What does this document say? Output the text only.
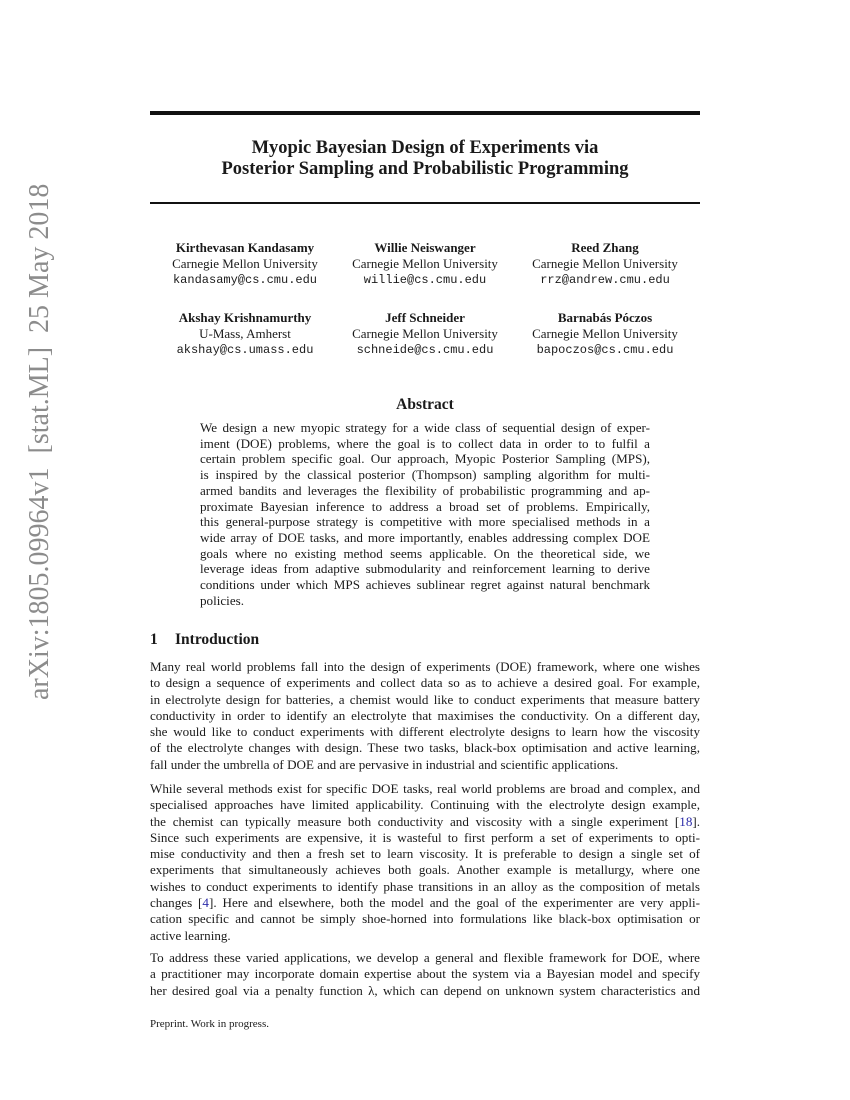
arXiv:1805.09964v1
[stat.ML]
25 May 2018
Myopic Bayesian Design of Experiments via
Posterior Sampling and Probabilistic Programming
Kirthevasan Kandasamy
Carnegie Mellon University
kandasamy@cs.cmu.edu
Willie Neiswanger
Carnegie Mellon University
willie@cs.cmu.edu
Reed Zhang
Carnegie Mellon University
rrz@andrew.cmu.edu
Akshay Krishnamurthy
U-Mass, Amherst
akshay@cs.umass.edu
Jeff Schneider
Carnegie Mellon University
schneide@cs.cmu.edu
Barnabás Póczos
Carnegie Mellon University
bapoczos@cs.cmu.edu
Abstract
We design a new myopic strategy for a wide class of sequential design of exper-
iment (DOE) problems, where the goal is to collect data in order to to fulfil a
certain problem specific goal. Our approach, Myopic Posterior Sampling (MPS),
is inspired by the classical posterior (Thompson) sampling algorithm for multi-
armed bandits and leverages the flexibility of probabilistic programming and ap-
proximate Bayesian inference to address a broad set of problems. Empirically,
this general-purpose strategy is competitive with more specialised methods in a
wide array of DOE tasks, and more importantly, enables addressing complex DOE
goals where no existing method seems applicable. On the theoretical side, we
leverage ideas from adaptive submodularity and reinforcement learning to derive
conditions under which MPS achieves sublinear regret against natural benchmark
policies.
1 Introduction
Many real world problems fall into the design of experiments (DOE) framework, where one wishes
to design a sequence of experiments and collect data so as to achieve a desired goal. For example,
in electrolyte design for batteries, a chemist would like to conduct experiments that measure battery
conductivity in order to identify an electrolyte that maximises the conductivity. On a different day,
she would like to conduct experiments with different electrolyte designs to learn how the viscosity
of the electrolyte changes with design. These two tasks, black-box optimisation and active learning,
fall under the umbrella of DOE and are pervasive in industrial and scientific applications.
While several methods exist for specific DOE tasks, real world problems are broad and complex, and
specialised approaches have limited applicability. Continuing with the electrolyte design example,
the chemist can typically measure both conductivity and viscosity with a single experiment [18].
Since such experiments are expensive, it is wasteful to first perform a set of experiments to opti-
mise conductivity and then a fresh set to learn viscosity. It is preferable to design a single set of
experiments that simultaneously achieves both goals. Another example is metallurgy, where one
wishes to conduct experiments to identify phase transitions in an alloy as the composition of metals
changes [4]. Here and elsewhere, both the model and the goal of the experimenter are very appli-
cation specific and cannot be simply shoe-horned into formulations like black-box optimisation or
active learning.
To address these varied applications, we develop a general and flexible framework for DOE, where
a practitioner may incorporate domain expertise about the system via a Bayesian model and specify
her desired goal via a penalty function λ, which can depend on unknown system characteristics and
Preprint. Work in progress.
